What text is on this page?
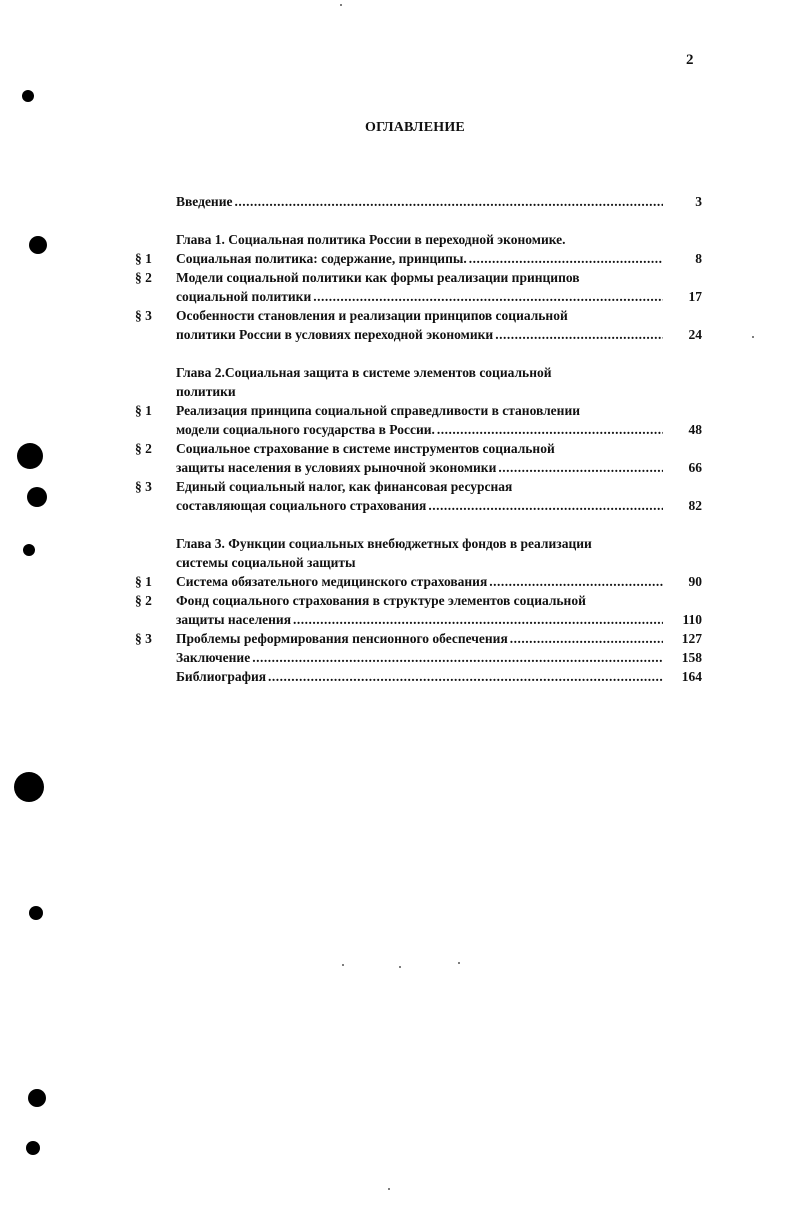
2
ОГЛАВЛЕНИЕ
Введение .....	3
Глава 1. Социальная политика России в переходной экономике.
§ 1 Социальная политика: содержание, принципы. .....	8
§ 2 Модели социальной политики как формы реализации принципов
социальной политики .....	17
§ 3 Особенности становления и реализации принципов социальной
политики России в условиях переходной экономики .....	24
Глава 2.Социальная защита в системе элементов социальной
политики
§ 1 Реализация принципа социальной справедливости в становлении
модели социального государства в России. .....	48
§ 2 Социальное страхование в системе инструментов социальной
защиты населения в условиях рыночной экономики .....	66
§ 3 Единый социальный налог, как финансовая ресурсная
составляющая социального страхования .....	82
Глава 3. Функции социальных внебюджетных фондов в реализации
системы социальной защиты
§ 1 Система обязательного медицинского страхования .....	90
§ 2 Фонд социального страхования в структуре элементов социальной
защиты населения .....	110
§ 3 Проблемы реформирования пенсионного обеспечения .....	127
Заключение .....	158
Библиография .....	164
